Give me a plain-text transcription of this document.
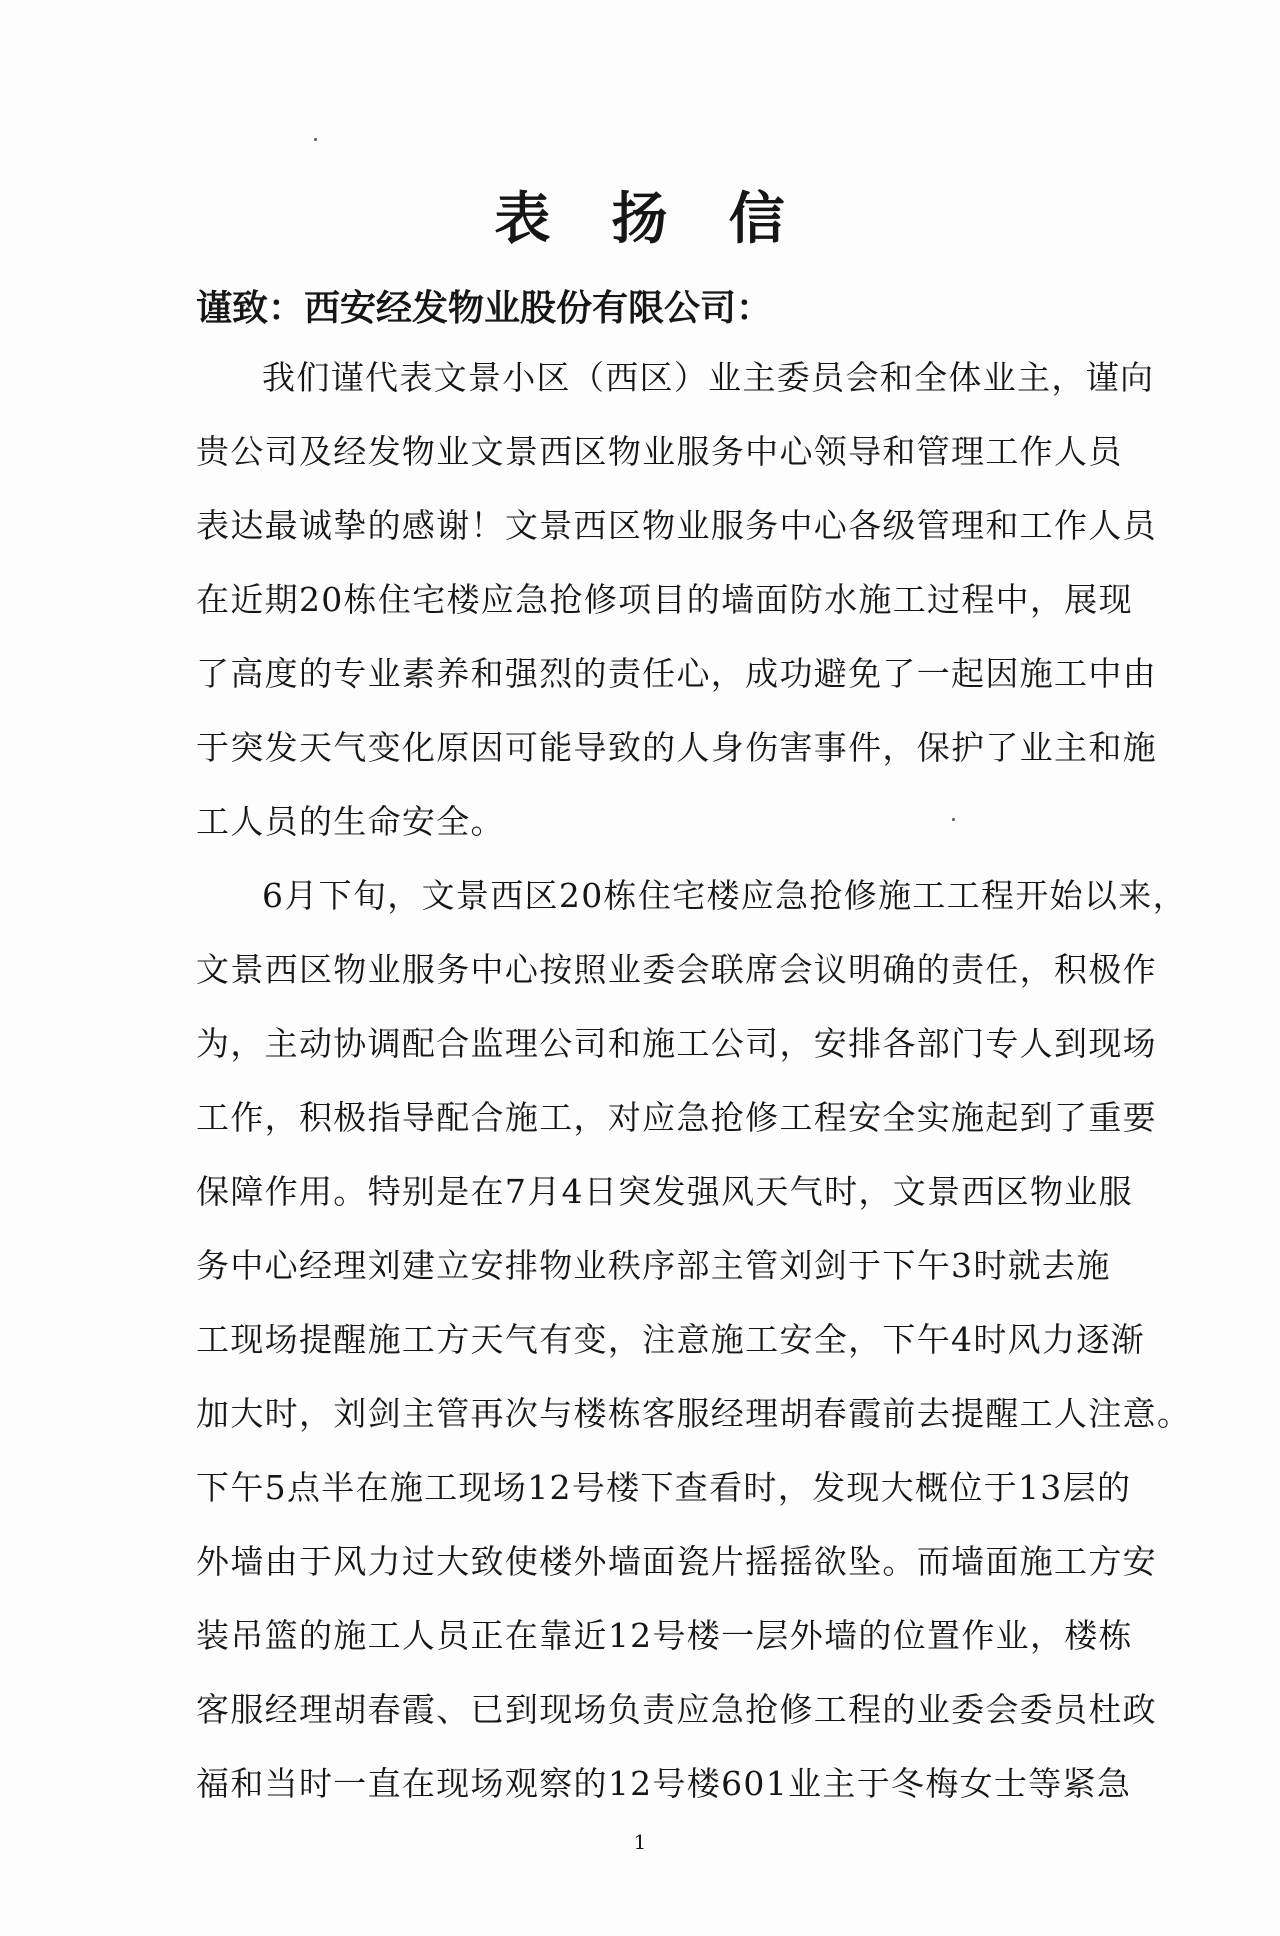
表 扬 信
谨致：西安经发物业股份有限公司：
我们谨代表文景小区（西区）业主委员会和全体业主，谨向
贵公司及经发物业文景西区物业服务中心领导和管理工作人员
表达最诚挚的感谢！文景西区物业服务中心各级管理和工作人员
在近期20栋住宅楼应急抢修项目的墙面防水施工过程中，展现
了高度的专业素养和强烈的责任心，成功避免了一起因施工中由
于突发天气变化原因可能导致的人身伤害事件，保护了业主和施
工人员的生命安全。
6月下旬，文景西区20栋住宅楼应急抢修施工工程开始以来，
文景西区物业服务中心按照业委会联席会议明确的责任，积极作
为，主动协调配合监理公司和施工公司，安排各部门专人到现场
工作，积极指导配合施工，对应急抢修工程安全实施起到了重要
保障作用。特别是在7月4日突发强风天气时，文景西区物业服
务中心经理刘建立安排物业秩序部主管刘剑于下午3时就去施
工现场提醒施工方天气有变，注意施工安全，下午4时风力逐渐
加大时，刘剑主管再次与楼栋客服经理胡春霞前去提醒工人注意。
下午5点半在施工现场12号楼下查看时，发现大概位于13层的
外墙由于风力过大致使楼外墙面瓷片摇摇欲坠。而墙面施工方安
装吊篮的施工人员正在靠近12号楼一层外墙的位置作业，楼栋
客服经理胡春霞、已到现场负责应急抢修工程的业委会委员杜政
福和当时一直在现场观察的12号楼601业主于冬梅女士等紧急
1
